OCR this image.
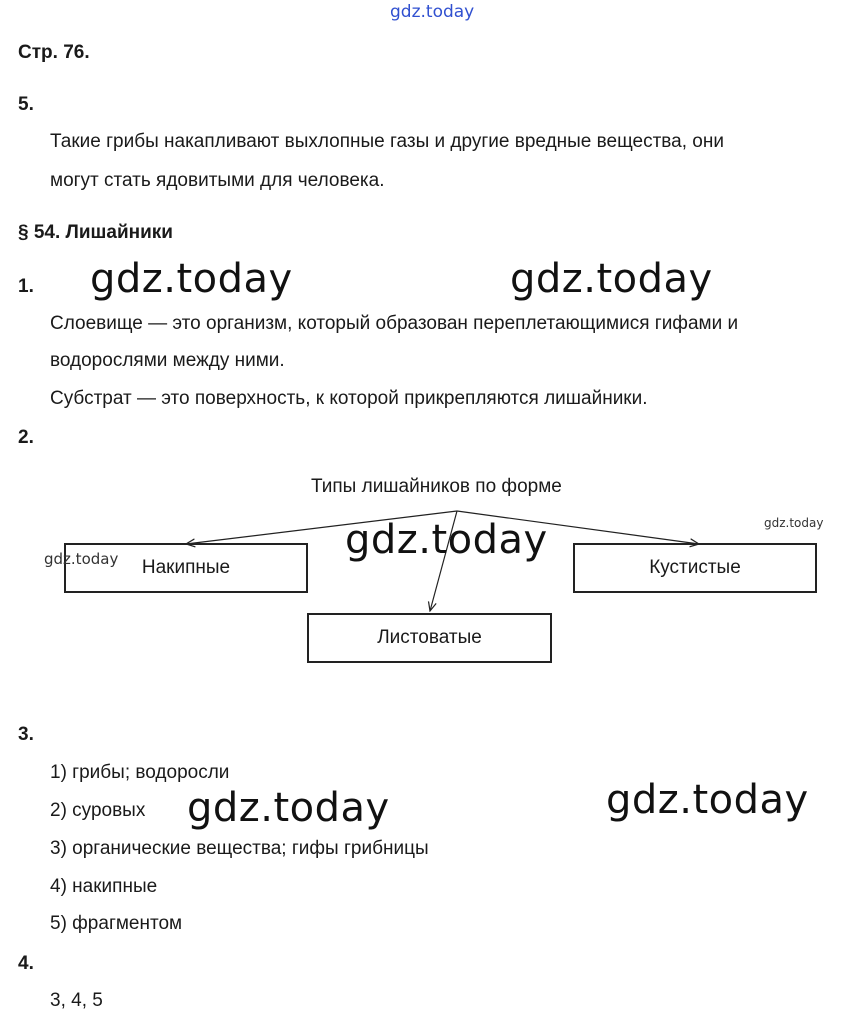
gdz.today
Стр. 76.
5.
Такие грибы накапливают выхлопные газы и другие вредные вещества, они
могут стать ядовитыми для человека.
§ 54. Лишайники
1. gdz.today	gdz.today
Слоевище — это организм, который образован переплетающимися гифами и
водорослями между ними.
Субстрат — это поверхность, к которой прикрепляются лишайники.
2.
Типы лишайников по форме
Накипные
Листоватые
Кустистые
gdz.today
gdz.today
gdz.today
3.
1) грибы; водоросли
2) суровых gdz.today	gdz.today
3) органические вещества; гифы грибницы
4) накипные
5) фрагментом
4.
3, 4, 5
